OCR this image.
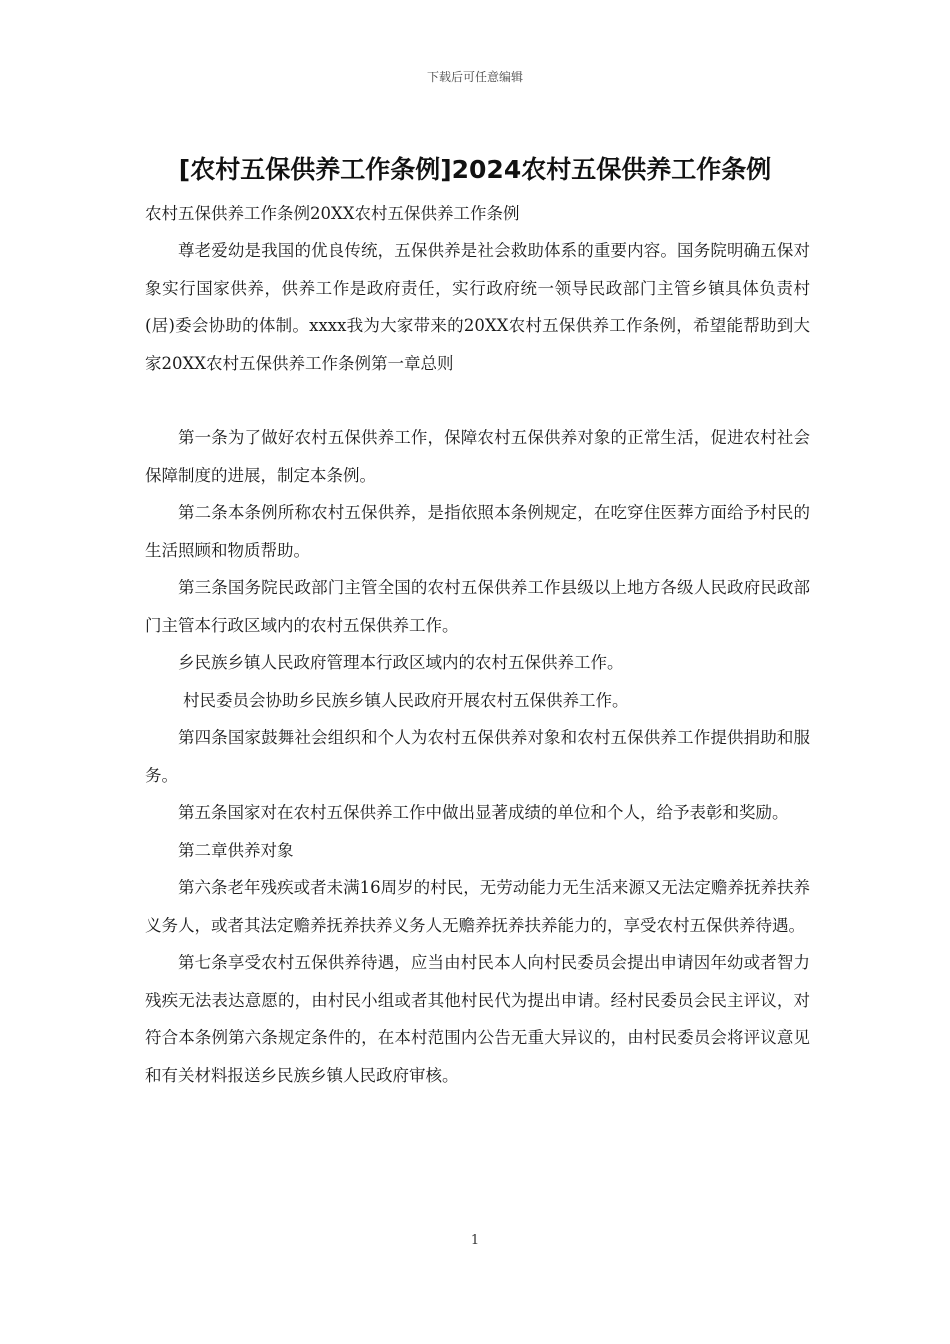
下载后可任意编辑
[农村五保供养工作条例]2024农村五保供养工作条例
农村五保供养工作条例20XX农村五保供养工作条例

尊老爱幼是我国的优良传统，五保供养是社会救助体系的重要内容。国务院明确五保对象实行国家供养，供养工作是政府责任，实行政府统一领导民政部门主管乡镇具体负责村(居)委会协助的体制。xxxx我为大家带来的20XX农村五保供养工作条例，希望能帮助到大家20XX农村五保供养工作条例第一章总则

第一条为了做好农村五保供养工作，保障农村五保供养对象的正常生活，促进农村社会保障制度的进展，制定本条例。

第二条本条例所称农村五保供养，是指依照本条例规定，在吃穿住医葬方面给予村民的生活照顾和物质帮助。

第三条国务院民政部门主管全国的农村五保供养工作县级以上地方各级人民政府民政部门主管本行政区域内的农村五保供养工作。

乡民族乡镇人民政府管理本行政区域内的农村五保供养工作。

村民委员会协助乡民族乡镇人民政府开展农村五保供养工作。

第四条国家鼓舞社会组织和个人为农村五保供养对象和农村五保供养工作提供捐助和服务。

第五条国家对在农村五保供养工作中做出显著成绩的单位和个人，给予表彰和奖励。

第二章供养对象

第六条老年残疾或者未满16周岁的村民，无劳动能力无生活来源又无法定赡养抚养扶养义务人，或者其法定赡养抚养扶养义务人无赡养抚养扶养能力的，享受农村五保供养待遇。

第七条享受农村五保供养待遇，应当由村民本人向村民委员会提出申请因年幼或者智力残疾无法表达意愿的，由村民小组或者其他村民代为提出申请。经村民委员会民主评议，对符合本条例第六条规定条件的，在本村范围内公告无重大异议的，由村民委员会将评议意见和有关材料报送乡民族乡镇人民政府审核。

1
